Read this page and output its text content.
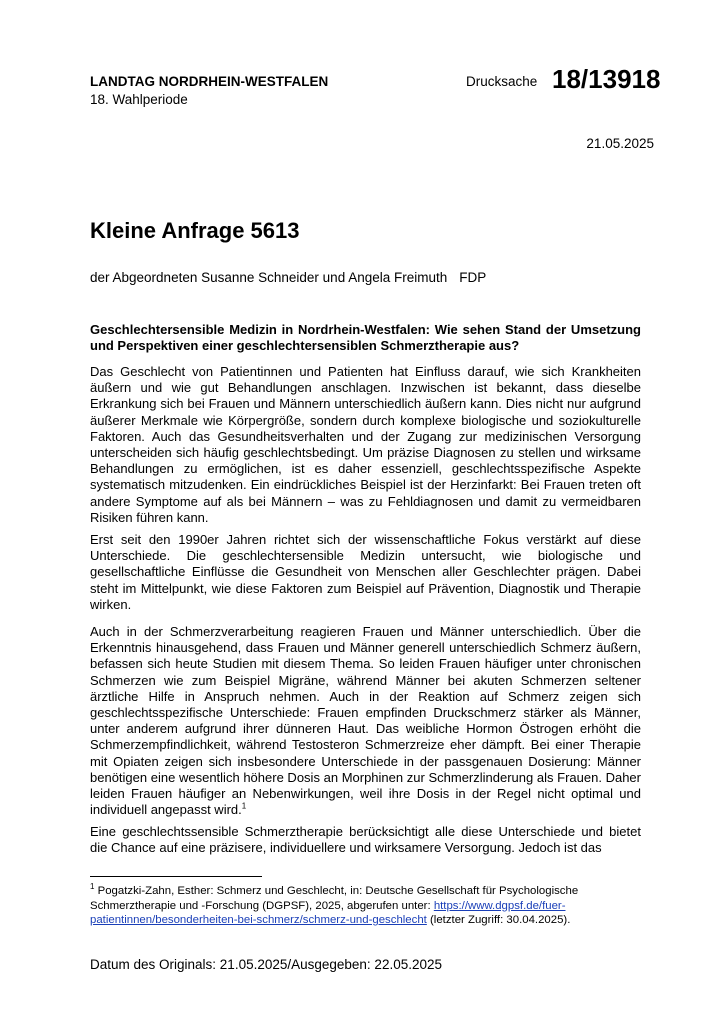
LANDTAG NORDRHEIN-WESTFALEN
18. Wahlperiode
Drucksache 18/13918
21.05.2025
Kleine Anfrage 5613
der Abgeordneten Susanne Schneider und Angela Freimuth FDP
Geschlechtersensible Medizin in Nordrhein-Westfalen: Wie sehen Stand der Umsetzung und Perspektiven einer geschlechtersensiblen Schmerztherapie aus?
Das Geschlecht von Patientinnen und Patienten hat Einfluss darauf, wie sich Krankheiten äußern und wie gut Behandlungen anschlagen. Inzwischen ist bekannt, dass dieselbe Erkrankung sich bei Frauen und Männern unterschiedlich äußern kann. Dies nicht nur aufgrund äußerer Merkmale wie Körpergröße, sondern durch komplexe biologische und soziokulturelle Faktoren. Auch das Gesundheitsverhalten und der Zugang zur medizinischen Versorgung unterscheiden sich häufig geschlechtsbedingt. Um präzise Diagnosen zu stellen und wirksame Behandlungen zu ermöglichen, ist es daher essenziell, geschlechtsspezifische Aspekte systematisch mitzudenken. Ein eindrückliches Beispiel ist der Herzinfarkt: Bei Frauen treten oft andere Symptome auf als bei Männern – was zu Fehldiagnosen und damit zu vermeidbaren Risiken führen kann.
Erst seit den 1990er Jahren richtet sich der wissenschaftliche Fokus verstärkt auf diese Unterschiede. Die geschlechtersensible Medizin untersucht, wie biologische und gesellschaftliche Einflüsse die Gesundheit von Menschen aller Geschlechter prägen. Dabei steht im Mittelpunkt, wie diese Faktoren zum Beispiel auf Prävention, Diagnostik und Therapie wirken.
Auch in der Schmerzverarbeitung reagieren Frauen und Männer unterschiedlich. Über die Erkenntnis hinausgehend, dass Frauen und Männer generell unterschiedlich Schmerz äußern, befassen sich heute Studien mit diesem Thema. So leiden Frauen häufiger unter chronischen Schmerzen wie zum Beispiel Migräne, während Männer bei akuten Schmerzen seltener ärztliche Hilfe in Anspruch nehmen. Auch in der Reaktion auf Schmerz zeigen sich geschlechtsspezifische Unterschiede: Frauen empfinden Druckschmerz stärker als Männer, unter anderem aufgrund ihrer dünneren Haut. Das weibliche Hormon Östrogen erhöht die Schmerzempfindlichkeit, während Testosteron Schmerzreize eher dämpft. Bei einer Therapie mit Opiaten zeigen sich insbesondere Unterschiede in der passgenauen Dosierung: Männer benötigen eine wesentlich höhere Dosis an Morphinen zur Schmerzlinderung als Frauen. Daher leiden Frauen häufiger an Nebenwirkungen, weil ihre Dosis in der Regel nicht optimal und individuell angepasst wird.$^1$
Eine geschlechtssensible Schmerztherapie berücksichtigt alle diese Unterschiede und bietet die Chance auf eine präzisere, individuellere und wirksamere Versorgung. Jedoch ist das
$^1$ Pogatzki-Zahn, Esther: Schmerz und Geschlecht, in: Deutsche Gesellschaft für Psychologische Schmerztherapie und -Forschung (DGPSF), 2025, abgerufen unter: https://www.dgpsf.de/fuer-patientinnen/besonderheiten-bei-schmerz/schmerz-und-geschlecht (letzter Zugriff: 30.04.2025).
Datum des Originals: 21.05.2025/Ausgegeben: 22.05.2025
